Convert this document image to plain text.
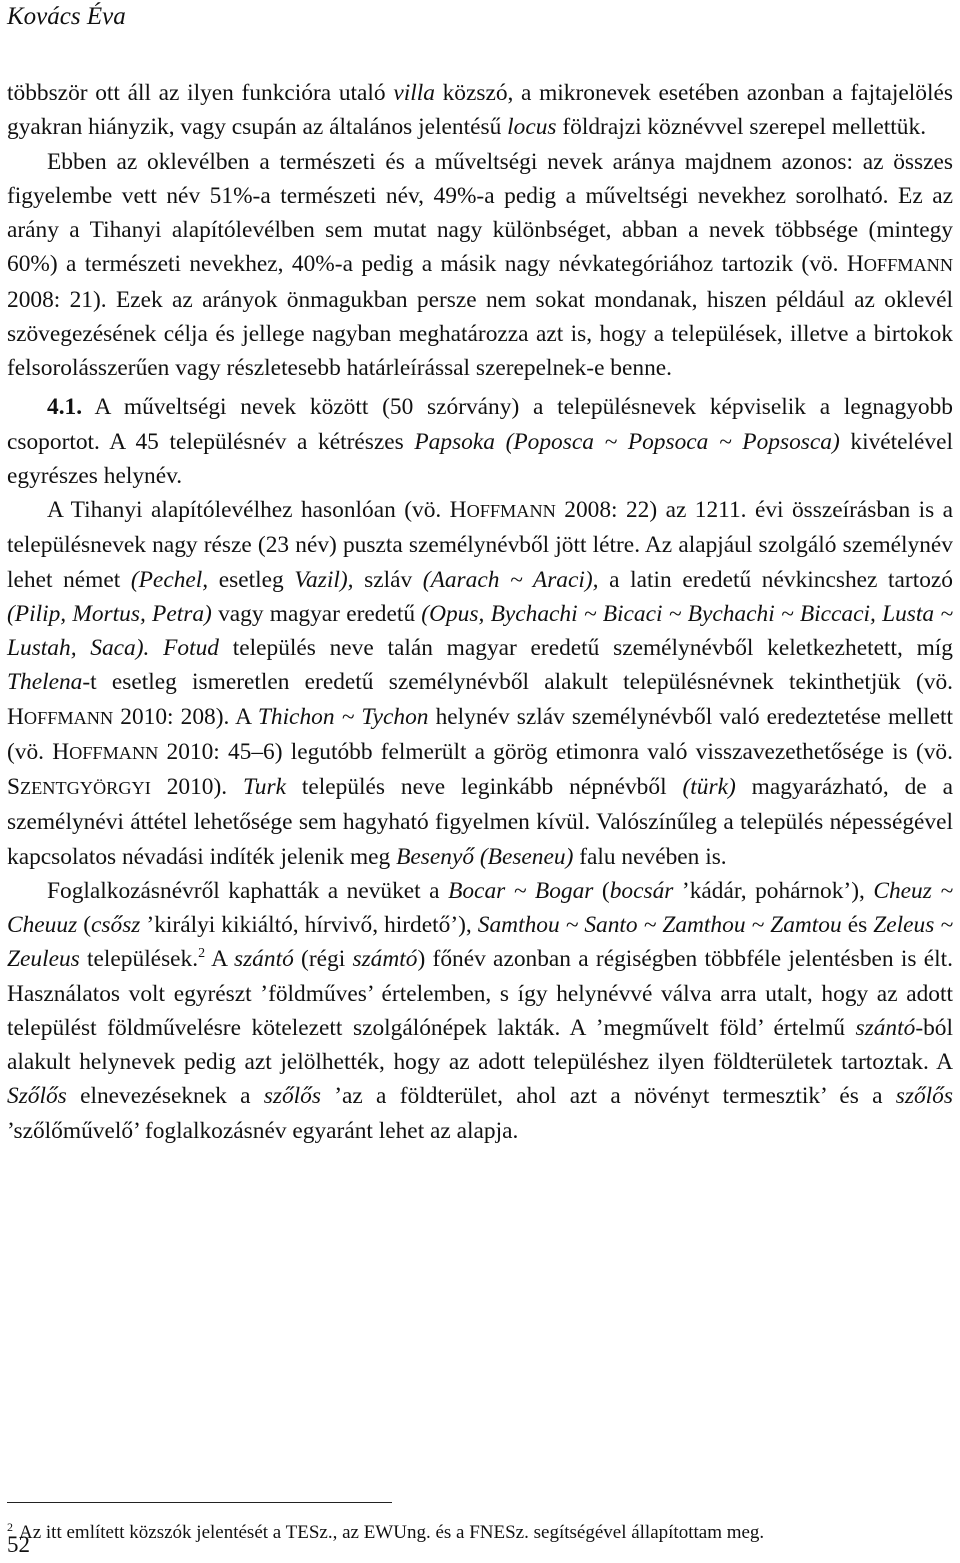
Kovács Éva

többször ott áll az ilyen funkcióra utaló villa közszó, a mikronevek esetében azonban a fajtajelölés gyakran hiányzik, vagy csupán az általános jelentésű locus földrajzi köznévvel szerepel mellettük.

Ebben az oklevélben a természeti és a műveltségi nevek aránya majdnem azonos: az összes figyelembe vett név 51%-a természeti név, 49%-a pedig a műveltségi nevekhez sorolható. Ez az arány a Tihanyi alapítólevélben sem mutat nagy különbséget, abban a nevek többsége (mintegy 60%) a természeti nevekhez, 40%-a pedig a másik nagy névkategóriához tartozik (vö. HOFFMANN 2008: 21). Ezek az arányok önmagukban persze nem sokat mondanak, hiszen például az oklevél szövegezésének célja és jellege nagyban meghatározza azt is, hogy a települések, illetve a birtokok felsorolásszerűen vagy részletesebb határleírással szerepelnek-e benne.

4.1. A műveltségi nevek között (50 szórvány) a településnevek képviselik a legnagyobb csoportot. A 45 településnév a kétrészes Papsoka (Poposca ~ Popsoca ~ Popsosca) kivételével egyrészes helynév.

A Tihanyi alapítólevélhez hasonlóan (vö. HOFFMANN 2008: 22) az 1211. évi összeírásban is a településnevek nagy része (23 név) puszta személynévből jött létre. Az alapjául szolgáló személynév lehet német (Pechel, esetleg Vazil), szláv (Aarach ~ Araci), a latin eredetű névkincshez tartozó (Pilip, Mortus, Petra) vagy magyar eredetű (Opus, Bychachi ~ Bicaci ~ Bychachi ~ Biccaci, Lusta ~ Lustah, Saca). Fotud település neve talán magyar eredetű személynévből keletkezhetett, míg Thelena-t esetleg ismeretlen eredetű személynévből alakult településnévnek tekinthetjük (vö. HOFFMANN 2010: 208). A Thichon ~ Tychon helynév szláv személynévből való eredeztetése mellett (vö. HOFFMANN 2010: 45–6) legutóbb felmerült a görög etimonra való visszavezethetősége is (vö. SZENTGYÖRGYI 2010). Turk település neve leginkább népnévből (türk) magyarázható, de a személynévi áttétel lehetősége sem hagyható figyelmen kívül. Valószínűleg a település népességével kapcsolatos névadási indíték jelenik meg Besenyő (Beseneu) falu nevében is.

Foglalkozásnévről kaphatták a nevüket a Bocar ~ Bogar (bocsár ’kádár, pohárnok’), Cheuz ~ Cheuuz (csősz ’királyi kikiáltó, hírvivő, hirdető’), Samthou ~ Santo ~ Zamthou ~ Zamtou és Zeleus ~ Zeuleus települések.$^2$ A szántó (régi számtó) főnév azonban a régiségben többféle jelentésben is élt. Használatos volt egyrészt ’földműves’ értelemben, s így helynévvé válva arra utalt, hogy az adott települést földművelésre kötelezett szolgálónépek lakták. A ’megművelt föld’ értelmű szántó-ból alakult helynevek pedig azt jelölhették, hogy az adott településhez ilyen földterületek tartoztak. A Szőlős elnevezéseknek a szőlős ’az a földterület, ahol azt a növényt termesztik’ és a szőlős ’szőlőművelő’ foglalkozásnév egyaránt lehet az alapja.

$^2$ Az itt említett közszók jelentését a TESz., az EWUng. és a FNESz. segítségével állapítottam meg.
52
